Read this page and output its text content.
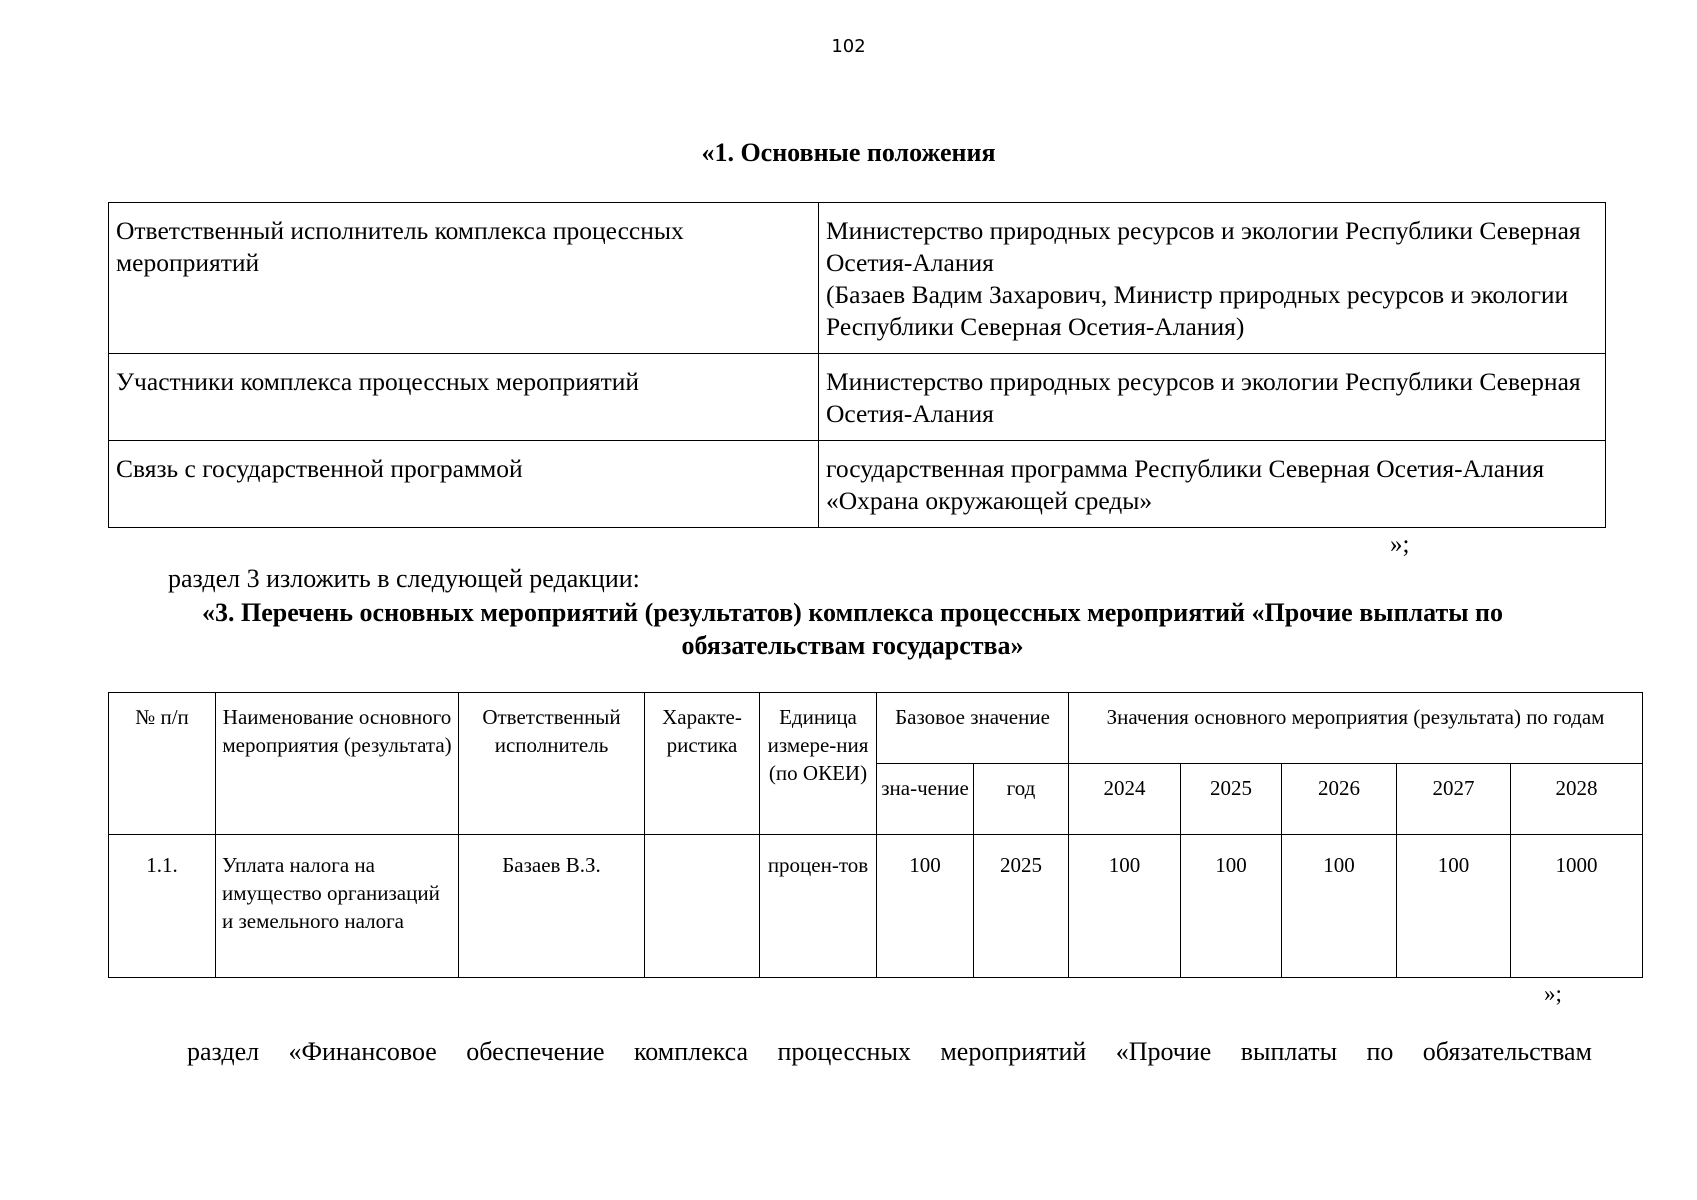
102
«1. Основные положения
Ответственный исполнитель комплекса процессных мероприятий	Министерство природных ресурсов и экологии Республики Северная Осетия-Алания
(Базаев Вадим Захарович, Министр природных ресурсов и экологии Республики Северная Осетия-Алания)
Участники комплекса процессных мероприятий	Министерство природных ресурсов и экологии Республики Северная Осетия-Алания
Связь с государственной программой	государственная программа Республики Северная Осетия-Алания «Охрана окружающей среды»
»;
раздел 3 изложить в следующей редакции:
«3. Перечень основных мероприятий (результатов) комплекса процессных мероприятий «Прочие выплаты по обязательствам государства»
№ п/п	Наименование основного мероприятия (результата)	Ответственный исполнитель	Характе-ристика	Единица измере-ния (по ОКЕИ)	Базовое значение		Значения основного мероприятия (результата) по годам				
					зна-чение	год	2024	2025	2026	2027	2028
1.1.	Уплата налога на имущество организаций и земельного налога	Базаев В.З.		процен-тов	100	2025	100	100	100	100	1000
»;
раздел «Финансовое обеспечение комплекса процессных мероприятий «Прочие выплаты по обязательствам
